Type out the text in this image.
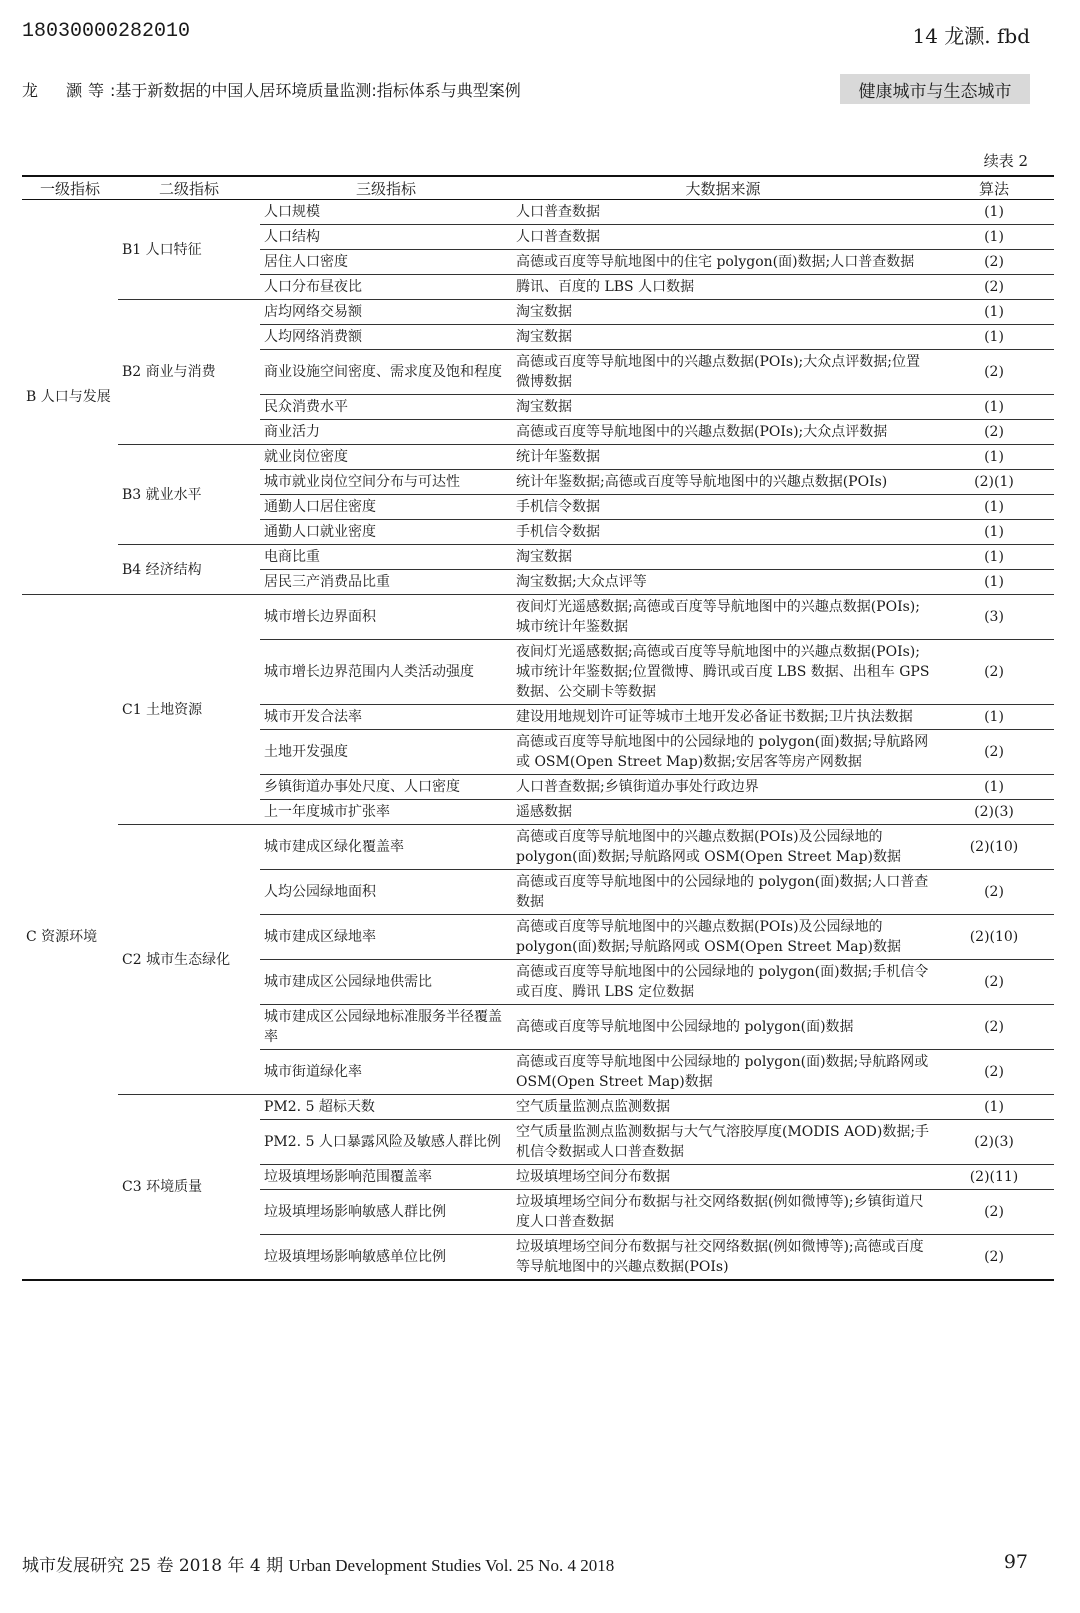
18030000282010	14 龙灏. fbd
龙　灏等:基于新数据的中国人居环境质量监测:指标体系与典型案例	健康城市与生态城市
续表 2
一级指标	二级指标	三级指标	大数据来源	算法
B 人口与发展	B1 人口特征	人口规模	人口普查数据	(1)
		人口结构	人口普查数据	(1)
		居住人口密度	高德或百度等导航地图中的住宅 polygon(面)数据;人口普查数据	(2)
		人口分布昼夜比	腾讯、百度的 LBS 人口数据	(2)
	B2 商业与消费	店均网络交易额	淘宝数据	(1)
		人均网络消费额	淘宝数据	(1)
		商业设施空间密度、需求度及饱和程度	高德或百度等导航地图中的兴趣点数据(POIs);大众点评数据;位置微博数据	(2)
		民众消费水平	淘宝数据	(1)
		商业活力	高德或百度等导航地图中的兴趣点数据(POIs);大众点评数据	(2)
	B3 就业水平	就业岗位密度	统计年鉴数据	(1)
		城市就业岗位空间分布与可达性	统计年鉴数据;高德或百度等导航地图中的兴趣点数据(POIs)	(2)(1)
		通勤人口居住密度	手机信令数据	(1)
		通勤人口就业密度	手机信令数据	(1)
	B4 经济结构	电商比重	淘宝数据	(1)
		居民三产消费品比重	淘宝数据;大众点评等	(1)
C 资源环境	C1 土地资源	城市增长边界面积	夜间灯光遥感数据;高德或百度等导航地图中的兴趣点数据(POIs);城市统计年鉴数据	(3)
		城市增长边界范围内人类活动强度	夜间灯光遥感数据;高德或百度等导航地图中的兴趣点数据(POIs);城市统计年鉴数据;位置微博、腾讯或百度 LBS 数据、出租车 GPS 数据、公交刷卡等数据	(2)
		城市开发合法率	建设用地规划许可证等城市土地开发必备证书数据;卫片执法数据	(1)
		土地开发强度	高德或百度等导航地图中的公园绿地的 polygon(面)数据;导航路网或 OSM(Open Street Map)数据;安居客等房产网数据	(2)
		乡镇街道办事处尺度、人口密度	人口普查数据;乡镇街道办事处行政边界	(1)
		上一年度城市扩张率	遥感数据	(2)(3)
	C2 城市生态绿化	城市建成区绿化覆盖率	高德或百度等导航地图中的兴趣点数据(POIs)及公园绿地的 polygon(面)数据;导航路网或 OSM(Open Street Map)数据	(2)(10)
		人均公园绿地面积	高德或百度等导航地图中的公园绿地的 polygon(面)数据;人口普查数据	(2)
		城市建成区绿地率	高德或百度等导航地图中的兴趣点数据(POIs)及公园绿地的 polygon(面)数据;导航路网或 OSM(Open Street Map)数据	(2)(10)
		城市建成区公园绿地供需比	高德或百度等导航地图中的公园绿地的 polygon(面)数据;手机信令或百度、腾讯 LBS 定位数据	(2)
		城市建成区公园绿地标准服务半径覆盖率	高德或百度等导航地图中公园绿地的 polygon(面)数据	(2)
		城市街道绿化率	高德或百度等导航地图中公园绿地的 polygon(面)数据;导航路网或 OSM(Open Street Map)数据	(2)
	C3 环境质量	PM2. 5 超标天数	空气质量监测点监测数据	(1)
		PM2. 5 人口暴露风险及敏感人群比例	空气质量监测点监测数据与大气气溶胶厚度(MODIS AOD)数据;手机信令数据或人口普查数据	(2)(3)
		垃圾填埋场影响范围覆盖率	垃圾填埋场空间分布数据	(2)(11)
		垃圾填埋场影响敏感人群比例	垃圾填埋场空间分布数据与社交网络数据(例如微博等);乡镇街道尺度人口普查数据	(2)
		垃圾填埋场影响敏感单位比例	垃圾填埋场空间分布数据与社交网络数据(例如微博等);高德或百度等导航地图中的兴趣点数据(POIs)	(2)
城市发展研究 25 卷 2018 年 4 期 Urban Development Studies Vol. 25 No. 4 2018	97
